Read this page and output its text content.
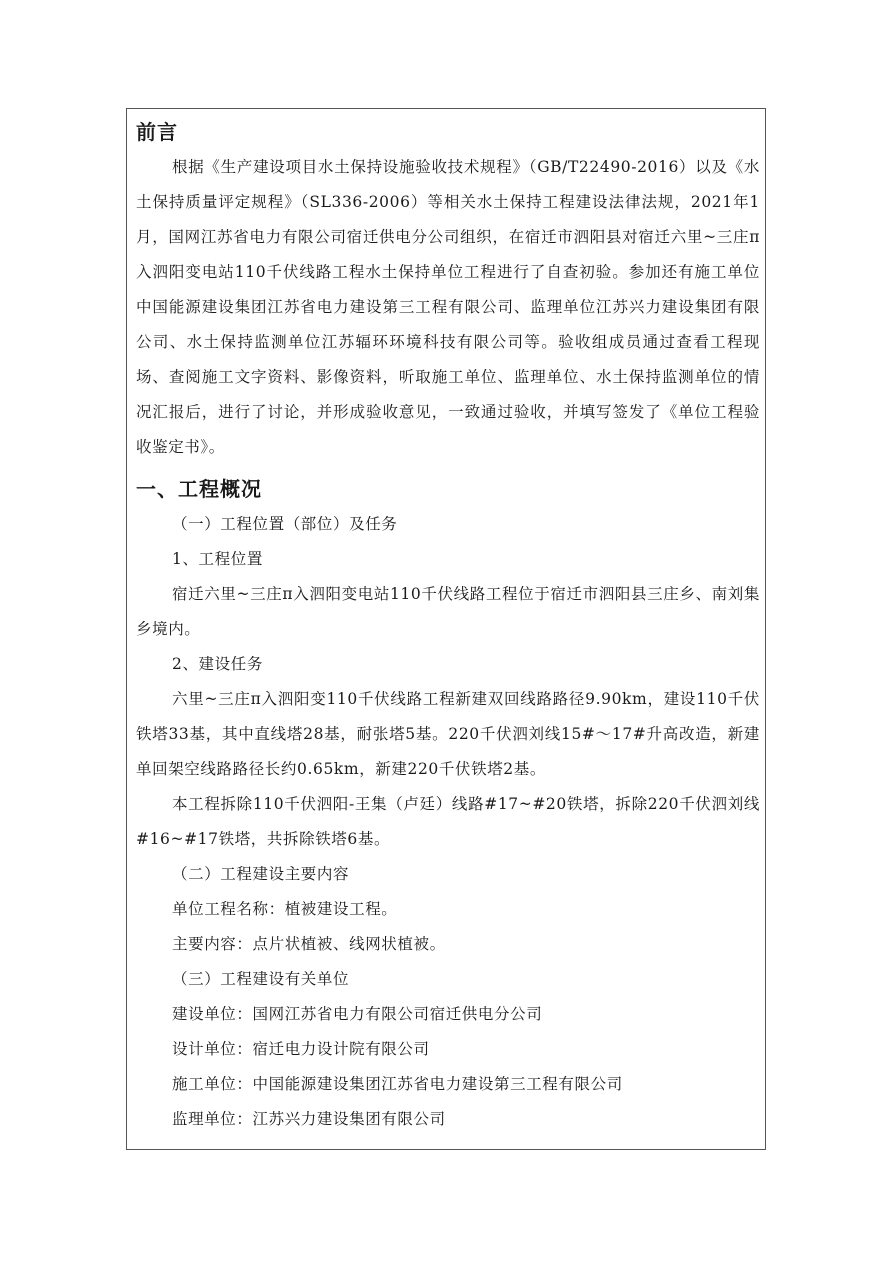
前言

根据《生产建设项目水土保持设施验收技术规程》（GB/T22490-2016）以及《水土保持质量评定规程》（SL336-2006）等相关水土保持工程建设法律法规，2021年1月，国网江苏省电力有限公司宿迁供电分公司组织，在宿迁市泗阳县对宿迁六里~三庄π入泗阳变电站110千伏线路工程水土保持单位工程进行了自查初验。参加还有施工单位中国能源建设集团江苏省电力建设第三工程有限公司、监理单位江苏兴力建设集团有限公司、水土保持监测单位江苏辐环环境科技有限公司等。验收组成员通过查看工程现场、查阅施工文字资料、影像资料，听取施工单位、监理单位、水土保持监测单位的情况汇报后，进行了讨论，并形成验收意见，一致通过验收，并填写签发了《单位工程验收鉴定书》。

一、工程概况
（一）工程位置（部位）及任务
1、工程位置

宿迁六里~三庄π入泗阳变电站110千伏线路工程位于宿迁市泗阳县三庄乡、南刘集乡境内。

2、建设任务

六里~三庄π入泗阳变110千伏线路工程新建双回线路路径9.90km，建设110千伏铁塔33基，其中直线塔28基，耐张塔5基。220千伏泗刘线15#～17#升高改造，新建单回架空线路路径长约0.65km，新建220千伏铁塔2基。

本工程拆除110千伏泗阳-王集（卢廷）线路#17~#20铁塔，拆除220千伏泗刘线#16~#17铁塔，共拆除铁塔6基。

（二）工程建设主要内容
单位工程名称：植被建设工程。
主要内容：点片状植被、线网状植被。
（三）工程建设有关单位
建设单位：国网江苏省电力有限公司宿迁供电分公司
设计单位：宿迁电力设计院有限公司
施工单位：中国能源建设集团江苏省电力建设第三工程有限公司
监理单位：江苏兴力建设集团有限公司
